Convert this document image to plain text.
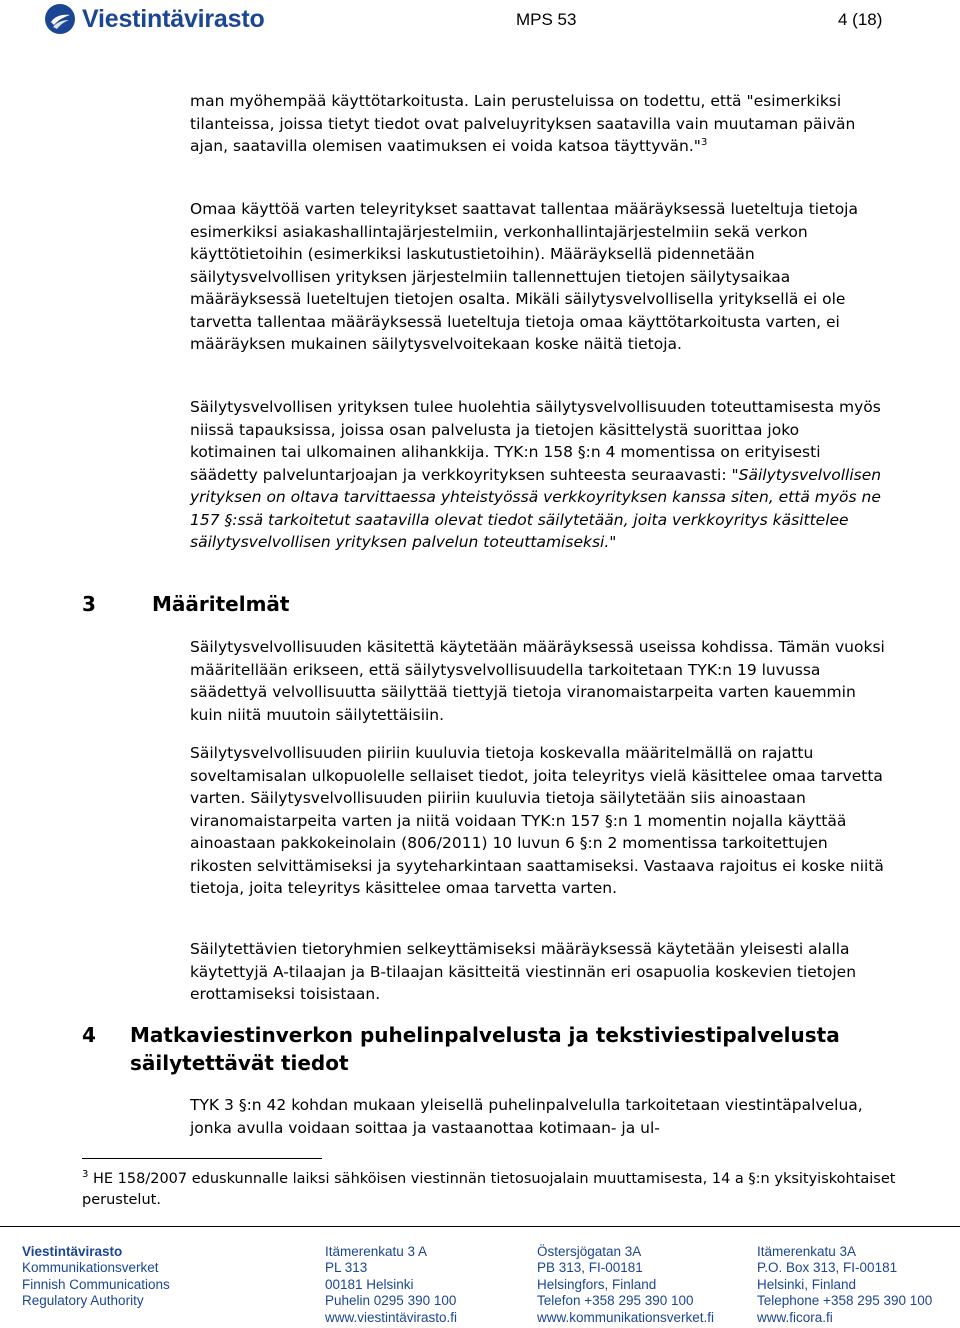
Viestintävirasto	MPS 53	4 (18)

man myöhempää käyttötarkoitusta. Lain perusteluissa on todettu, että "esimerkiksi tilanteissa, joissa tietyt tiedot ovat palveluyrityksen saatavilla vain muutaman päivän ajan, saatavilla olemisen vaatimuksen ei voida katsoa täyttyvän."$^3$

Omaa käyttöä varten teleyritykset saattavat tallentaa määräyksessä lueteltuja tietoja esimerkiksi asiakashallintajärjestelmiin, verkonhallintajärjestelmiin sekä verkon käyttötietoihin (esimerkiksi laskutustietoihin). Määräyksellä pidennetään säilytysvelvollisen yrityksen järjestelmiin tallennettujen tietojen säilytysaikaa määräyksessä lueteltujen tietojen osalta. Mikäli säilytysvelvollisella yrityksellä ei ole tarvetta tallentaa määräyksessä lueteltuja tietoja omaa käyttötarkoitusta varten, ei määräyksen mukainen säilytysvelvoitekaan koske näitä tietoja.

Säilytysvelvollisen yrityksen tulee huolehtia säilytysvelvollisuuden toteuttamisesta myös niissä tapauksissa, joissa osan palvelusta ja tietojen käsittelystä suorittaa joko kotimainen tai ulkomainen alihankkija. TYK:n 158 §:n 4 momentissa on erityisesti säädetty palveluntarjoajan ja verkkoyrityksen suhteesta seuraavasti: "Säilytysvelvollisen yrityksen on oltava tarvittaessa yhteistyössä verkkoyrityksen kanssa siten, että myös ne 157 §:ssä tarkoitetut saatavilla olevat tiedot säilytetään, joita verkkoyritys käsittelee säilytysvelvollisen yrityksen palvelun toteuttamiseksi."

3	Määritelmät

Säilytysvelvollisuuden käsitettä käytetään määräyksessä useissa kohdissa. Tämän vuoksi määritellään erikseen, että säilytysvelvollisuudella tarkoitetaan TYK:n 19 luvussa säädettyä velvollisuutta säilyttää tiettyjä tietoja viranomaistarpeita varten kauemmin kuin niitä muutoin säilytettäisiin.

Säilytysvelvollisuuden piiriin kuuluvia tietoja koskevalla määritelmällä on rajattu soveltamisalan ulkopuolelle sellaiset tiedot, joita teleyritys vielä käsittelee omaa tarvetta varten. Säilytysvelvollisuuden piiriin kuuluvia tietoja säilytetään siis ainoastaan viranomaistarpeita varten ja niitä voidaan TYK:n 157 §:n 1 momentin nojalla käyttää ainoastaan pakkokeinolain (806/2011) 10 luvun 6 §:n 2 momentissa tarkoitettujen rikosten selvittämiseksi ja syyteharkintaan saattamiseksi. Vastaava rajoitus ei koske niitä tietoja, joita teleyritys käsittelee omaa tarvetta varten.

Säilytettävien tietoryhmien selkeyttämiseksi määräyksessä käytetään yleisesti alalla käytettyjä A-tilaajan ja B-tilaajan käsitteitä viestinnän eri osapuolia koskevien tietojen erottamiseksi toisistaan.

4 Matkaviestinverkon puhelinpalvelusta ja tekstiviestipalvelusta säilytettävät tiedot

TYK 3 §:n 42 kohdan mukaan yleisellä puhelinpalvelulla tarkoitetaan viestintäpalvelua, jonka avulla voidaan soittaa ja vastaanottaa kotimaan- ja ul-

$^3$ HE 158/2007 eduskunnalle laiksi sähköisen viestinnän tietosuojalain muuttamisesta, 14 a §:n yksityiskohtaiset perustelut.
Viestintävirasto
Kommunikationsverket
Finnish Communications
Regulatory Authority
Itämerenkatu 3 A
PL 313
00181 Helsinki
Puhelin 0295 390 100
www.viestintävirasto.fi
Östersjögatan 3A
PB 313, FI-00181
Helsingfors, Finland
Telefon +358 295 390 100
www.kommunikationsverket.fi
Itämerenkatu 3A
P.O. Box 313, FI-00181
Helsinki, Finland
Telephone +358 295 390 100
www.ficora.fi
